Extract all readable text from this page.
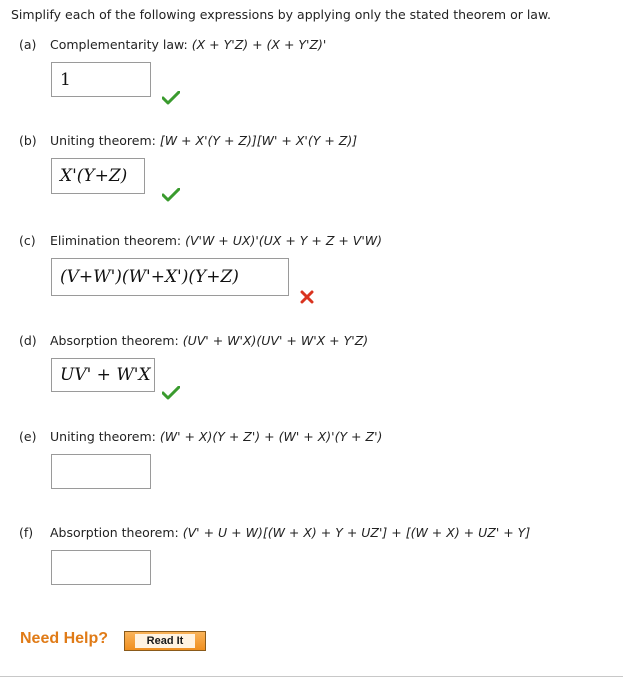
Simplify each of the following expressions by applying only the stated theorem or law.
(a) Complementarity law: (X + Y'Z) + (X + Y'Z)'
1
(b) Uniting theorem: [W + X'(Y + Z)][W' + X'(Y + Z)]
X'(Y+Z)
(c) Elimination theorem: (V'W + UX)'(UX + Y + Z + V'W)
(V+W')(W'+X')(Y+Z)
(d) Absorption theorem: (UV' + W'X)(UV' + W'X + Y'Z)
UV' + W'X
(e) Uniting theorem: (W' + X)(Y + Z') + (W' + X)'(Y + Z')
(f) Absorption theorem: (V' + U + W)[(W + X) + Y + UZ'] + [(W + X) + UZ' + Y]
Need Help?	Read It
